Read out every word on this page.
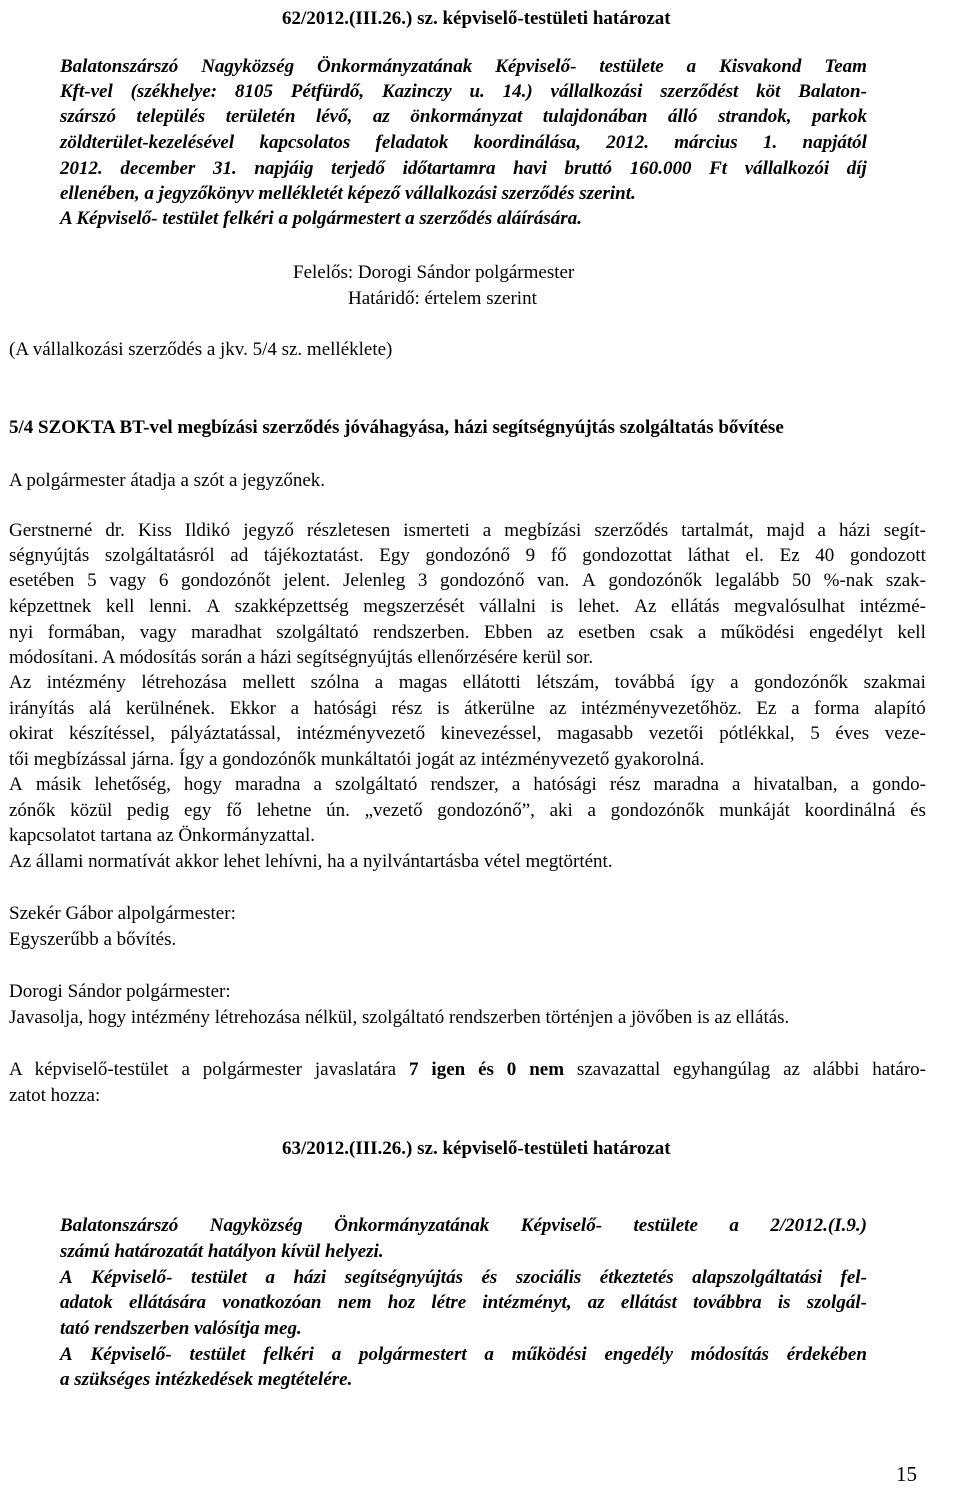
62/2012.(III.26.) sz. képviselő-testületi határozat
Balatonszárszó Nagyközség Önkormányzatának Képviselő- testülete a Kisvakond Team
Kft-vel (székhelye: 8105 Pétfürdő, Kazinczy u. 14.) vállalkozási szerződést köt Balaton-
szárszó település területén lévő, az önkormányzat tulajdonában álló strandok, parkok
zöldterület-kezelésével kapcsolatos feladatok koordinálása, 2012. március 1. napjától
2012. december 31. napjáig terjedő időtartamra havi bruttó 160.000 Ft vállalkozói díj
ellenében, a jegyzőkönyv mellékletét képező vállalkozási szerződés szerint.
A Képviselő- testület felkéri a polgármestert a szerződés aláírására.
Felelős: Dorogi Sándor polgármester
Határidő: értelem szerint
(A vállalkozási szerződés a jkv. 5/4 sz. melléklete)
5/4 SZOKTA BT-vel megbízási szerződés jóváhagyása, házi segítségnyújtás szolgáltatás bővítése
A polgármester átadja a szót a jegyzőnek.
Gerstnerné dr. Kiss Ildikó jegyző részletesen ismerteti a megbízási szerződés tartalmát, majd a házi segít-
ségnyújtás szolgáltatásról ad tájékoztatást. Egy gondozónő 9 fő gondozottat láthat el. Ez 40 gondozott
esetében 5 vagy 6 gondozónőt jelent. Jelenleg 3 gondozónő van. A gondozónők legalább 50 %-nak szak-
képzettnek kell lenni. A szakképzettség megszerzését vállalni is lehet. Az ellátás megvalósulhat intézmé-
nyi formában, vagy maradhat szolgáltató rendszerben. Ebben az esetben csak a működési engedélyt kell
módosítani. A módosítás során a házi segítségnyújtás ellenőrzésére kerül sor.
Az intézmény létrehozása mellett szólna a magas ellátotti létszám, továbbá így a gondozónők szakmai
irányítás alá kerülnének. Ekkor a hatósági rész is átkerülne az intézményvezetőhöz. Ez a forma alapító
okirat készítéssel, pályáztatással, intézményvezető kinevezéssel, magasabb vezetői pótlékkal, 5 éves veze-
tői megbízással járna. Így a gondozónők munkáltatói jogát az intézményvezető gyakorolná.
A másik lehetőség, hogy maradna a szolgáltató rendszer, a hatósági rész maradna a hivatalban, a gondo-
zónők közül pedig egy fő lehetne ún. „vezető gondozónő”, aki a gondozónők munkáját koordinálná és
kapcsolatot tartana az Önkormányzattal.
Az állami normatívát akkor lehet lehívni, ha a nyilvántartásba vétel megtörtént.
Szekér Gábor alpolgármester:
Egyszerűbb a bővítés.
Dorogi Sándor polgármester:
Javasolja, hogy intézmény létrehozása nélkül, szolgáltató rendszerben történjen a jövőben is az ellátás.
A képviselő-testület a polgármester javaslatára 7 igen és 0 nem szavazattal egyhangúlag az alábbi határo-
zatot hozza:
63/2012.(III.26.) sz. képviselő-testületi határozat
Balatonszárszó Nagyközség Önkormányzatának Képviselő- testülete a 2/2012.(I.9.)
számú határozatát hatályon kívül helyezi.
A Képviselő- testület a házi segítségnyújtás és szociális étkeztetés alapszolgáltatási fel-
adatok ellátására vonatkozóan nem hoz létre intézményt, az ellátást továbbra is szolgál-
tató rendszerben valósítja meg.
A Képviselő- testület felkéri a polgármestert a működési engedély módosítás érdekében
a szükséges intézkedések megtételére.
15
